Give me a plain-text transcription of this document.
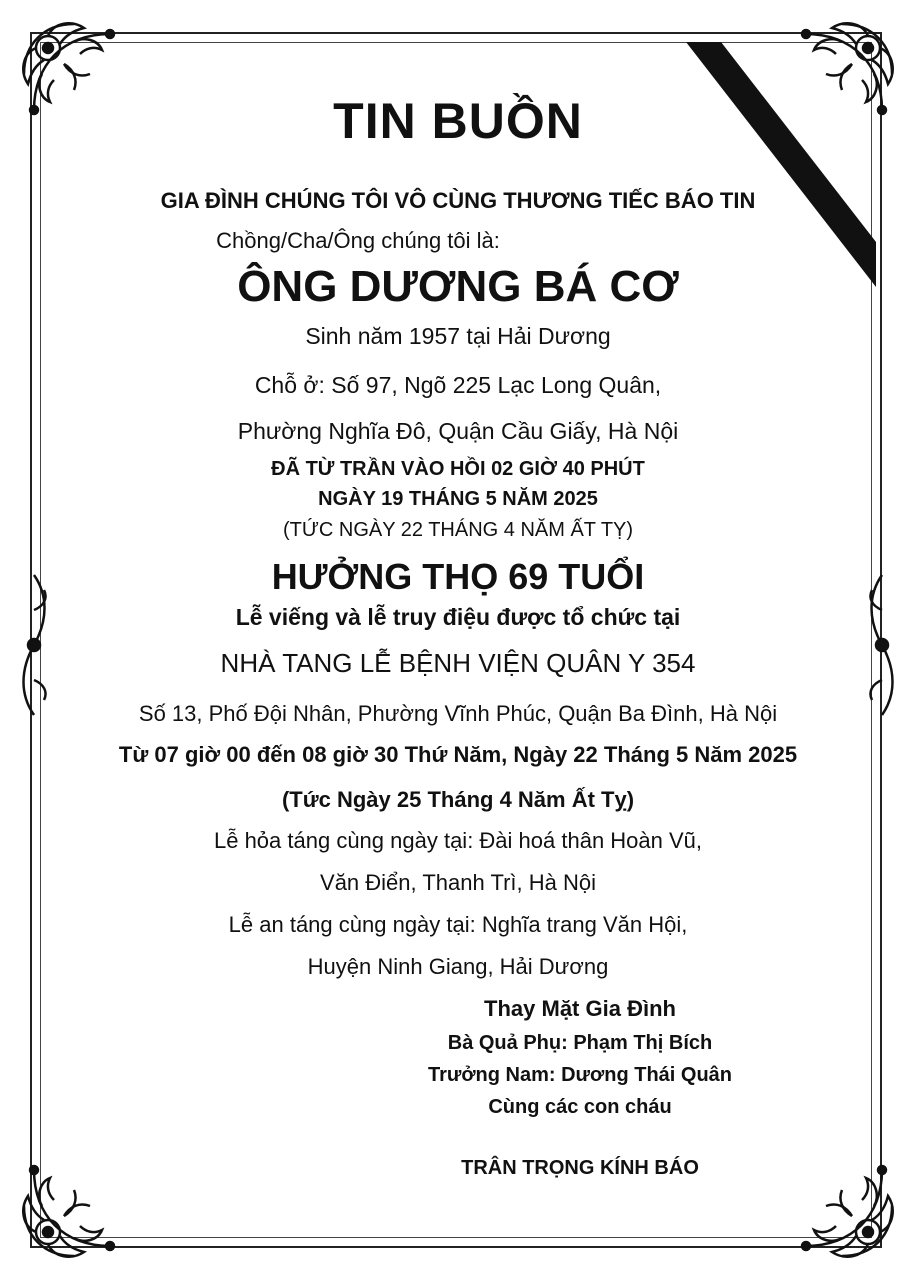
TIN BUỒN
GIA ĐÌNH CHÚNG TÔI VÔ CÙNG THƯƠNG TIẾC BÁO TIN
Chồng/Cha/Ông chúng tôi là:
ÔNG DƯƠNG BÁ CƠ
Sinh năm 1957 tại Hải Dương
Chỗ ở: Số 97, Ngõ 225 Lạc Long Quân,
Phường Nghĩa Đô, Quận Cầu Giấy, Hà Nội
ĐÃ TỪ TRẦN VÀO HỒI 02 GIỜ 40 PHÚT
NGÀY 19 THÁNG 5 NĂM 2025
(TỨC NGÀY 22 THÁNG 4 NĂM ẤT TỴ)
HƯỞNG THỌ 69 TUỔI
Lễ viếng và lễ truy điệu được tổ chức tại
NHÀ TANG LỄ BỆNH VIỆN QUÂN Y 354
Số 13, Phố Đội Nhân, Phường Vĩnh Phúc, Quận Ba Đình, Hà Nội
Từ 07 giờ 00 đến 08 giờ 30 Thứ Năm, Ngày 22 Tháng 5 Năm 2025
(Tức Ngày 25 Tháng 4 Năm Ất Tỵ)
Lễ hỏa táng cùng ngày tại: Đài hoá thân Hoàn Vũ,
Văn Điển, Thanh Trì, Hà Nội
Lễ an táng cùng ngày tại: Nghĩa trang Văn Hội,
Huyện Ninh Giang, Hải Dương
Thay Mặt Gia Đình
Bà Quả Phụ: Phạm Thị Bích
Trưởng Nam: Dương Thái Quân
Cùng các con cháu
TRÂN TRỌNG KÍNH BÁO
